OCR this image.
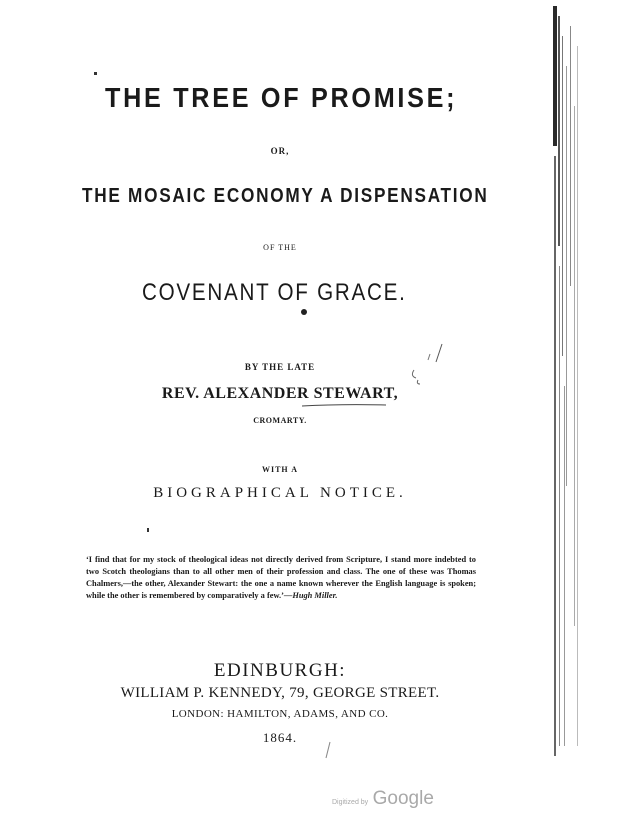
THE TREE OF PROMISE;
OR,
THE MOSAIC ECONOMY A DISPENSATION
OF THE
COVENANT OF GRACE.
BY THE LATE
REV. ALEXANDER STEWART,
CROMARTY.
WITH A
BIOGRAPHICAL NOTICE.
‘I find that for my stock of theological ideas not directly derived from Scripture, I stand more indebted to two Scotch theologians than to all other men of their profession and class. The one of these was Thomas Chalmers,—the other, Alexander Stewart: the one a name known wherever the English language is spoken; while the other is remembered by comparatively a few.’—Hugh Miller.
EDINBURGH:
WILLIAM P. KENNEDY, 79, GEORGE STREET.
LONDON: HAMILTON, ADAMS, AND CO.
1864.
Digitized by Google
